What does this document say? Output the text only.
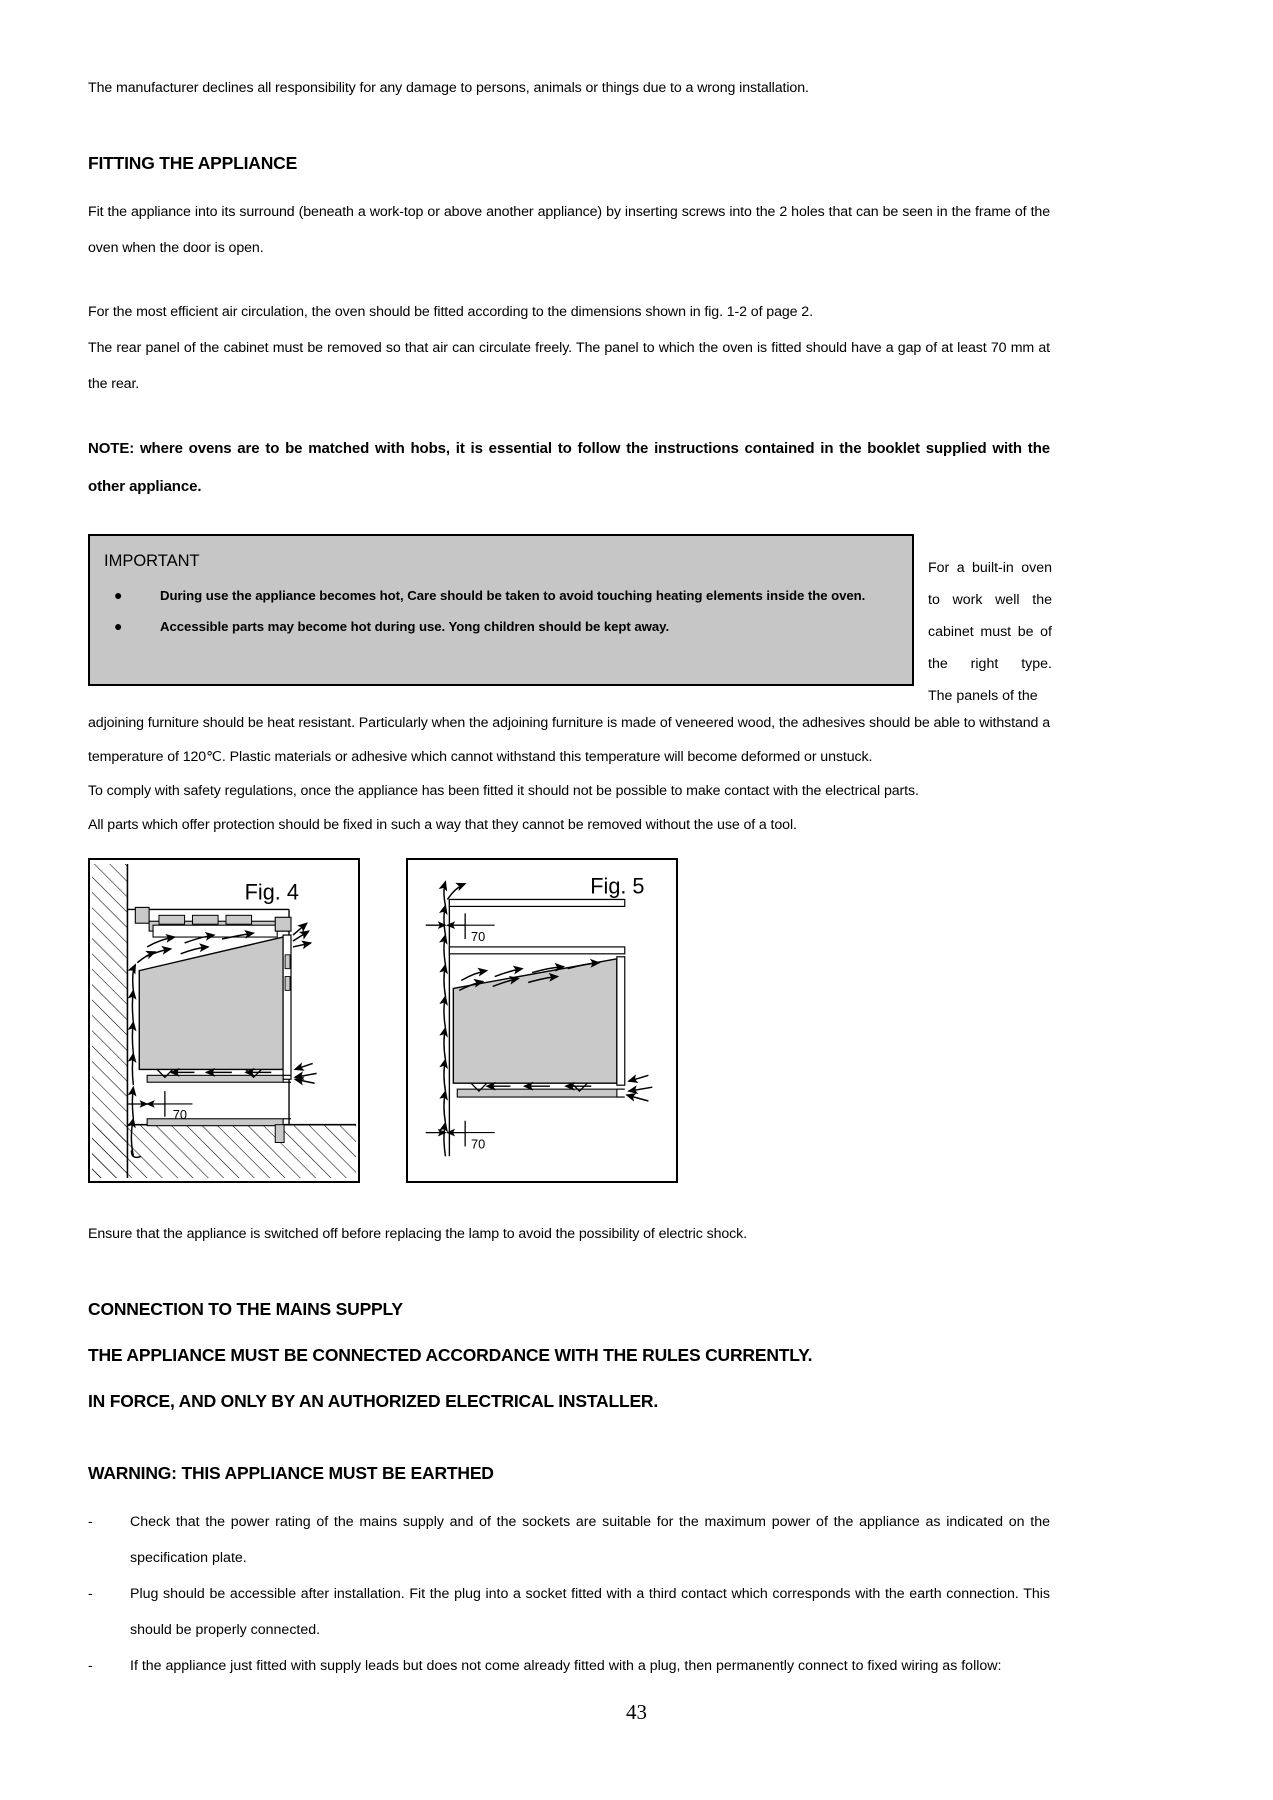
The manufacturer declines all responsibility for any damage to persons, animals or things due to a wrong installation.

FITTING THE APPLIANCE

Fit the appliance into its surround (beneath a work-top or above another appliance) by inserting screws into the 2 holes that can be seen in the frame of the oven when the door is open.

For the most efficient air circulation, the oven should be fitted according to the dimensions shown in fig. 1-2 of page 2.

The rear panel of the cabinet must be removed so that air can circulate freely. The panel to which the oven is fitted should have a gap of at least 70 mm at the rear.

NOTE: where ovens are to be matched with hobs, it is essential to follow the instructions contained in the booklet supplied with the other appliance.

IMPORTANT
●	During use the appliance becomes hot, Care should be taken to avoid touching heating elements inside the oven.
●	Accessible parts may become hot during use. Yong children should be kept away.
For a built-in oven
to work well the
cabinet must be of
the right type.
The panels of the

adjoining furniture should be heat resistant. Particularly when the adjoining furniture is made of veneered wood, the adhesives should be able to withstand a temperature of 120℃. Plastic materials or adhesive which cannot withstand this temperature will become deformed or unstuck.

To comply with safety regulations, once the appliance has been fitted it should not be possible to make contact with the electrical parts.

All parts which offer protection should be fixed in such a way that they cannot be removed without the use of a tool.

70
Fig. 4
70
70
Fig. 5

Ensure that the appliance is switched off before replacing the lamp to avoid the possibility of electric shock.

CONNECTION TO THE MAINS SUPPLY
THE APPLIANCE MUST BE CONNECTED ACCORDANCE WITH THE RULES CURRENTLY.
IN FORCE, AND ONLY BY AN AUTHORIZED ELECTRICAL INSTALLER.
WARNING: THIS APPLIANCE MUST BE EARTHED

-	Check that the power rating of the mains supply and of the sockets are suitable for the maximum power of the appliance as indicated on the specification plate.

-	Plug should be accessible after installation. Fit the plug into a socket fitted with a third contact which corresponds with the earth connection. This should be properly connected.

-	If the appliance just fitted with supply leads but does not come already fitted with a plug, then permanently connect to fixed wiring as follow:

43
